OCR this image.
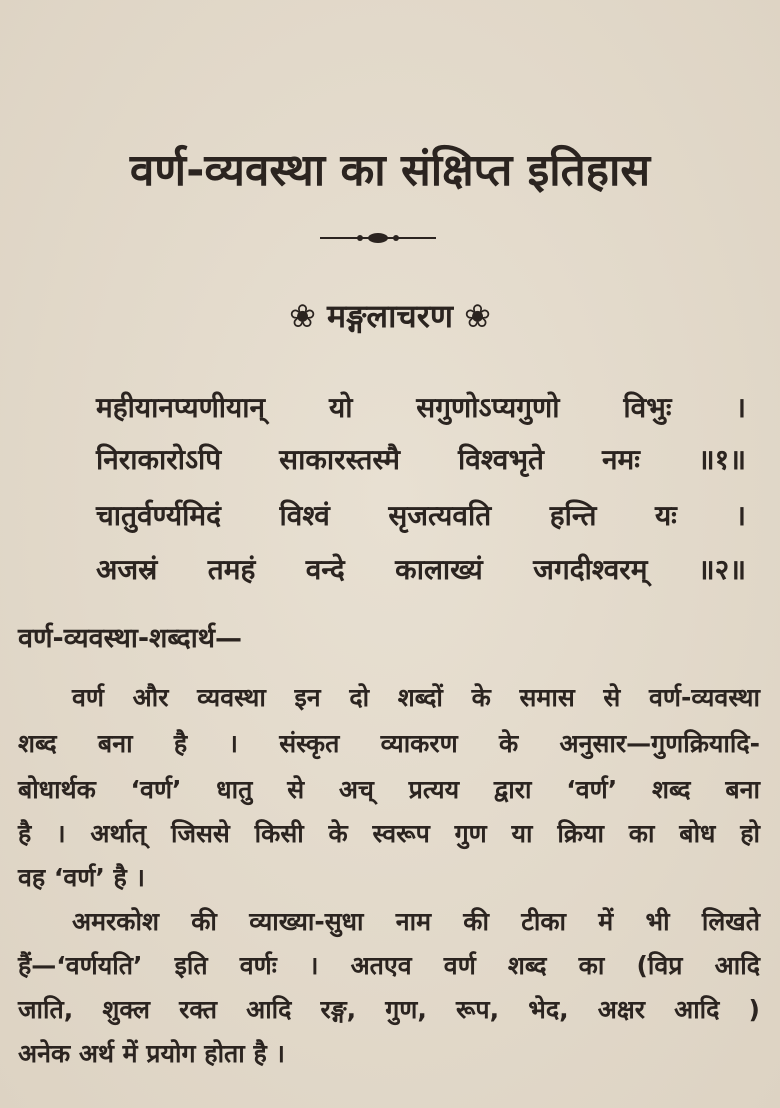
वर्ण-व्यवस्था का संक्षिप्त इतिहास
❀ मङ्गलाचरण ❀
महीयानप्यणीयान् यो सगुणोऽप्यगुणो विभुः ।
निराकारोऽपि साकारस्तस्मै विश्वभृते नमः ॥१॥
चातुर्वर्ण्यमिदं विश्वं सृजत्यवति हन्ति यः ।
अजस्रं तमहं वन्दे कालाख्यं जगदीश्वरम् ॥२॥
वर्ण-व्यवस्था-शब्दार्थ—
वर्ण और व्यवस्था इन दो शब्दों के समास से वर्ण-व्यवस्था
शब्द बना है । संस्कृत व्याकरण के अनुसार—गुणक्रियादि-
बोधार्थक ‘वर्ण’ धातु से अच् प्रत्यय द्वारा ‘वर्ण’ शब्द बना
है । अर्थात् जिससे किसी के स्वरूप गुण या क्रिया का बोध हो
वह ‘वर्ण’ है ।
अमरकोश की व्याख्या-सुधा नाम की टीका में भी लिखते
हैं—‘वर्णयति’ इति वर्णः । अतएव वर्ण शब्द का (विप्र आदि
जाति, शुक्ल रक्त आदि रङ्ग, गुण, रूप, भेद, अक्षर आदि )
अनेक अर्थ में प्रयोग होता है ।
